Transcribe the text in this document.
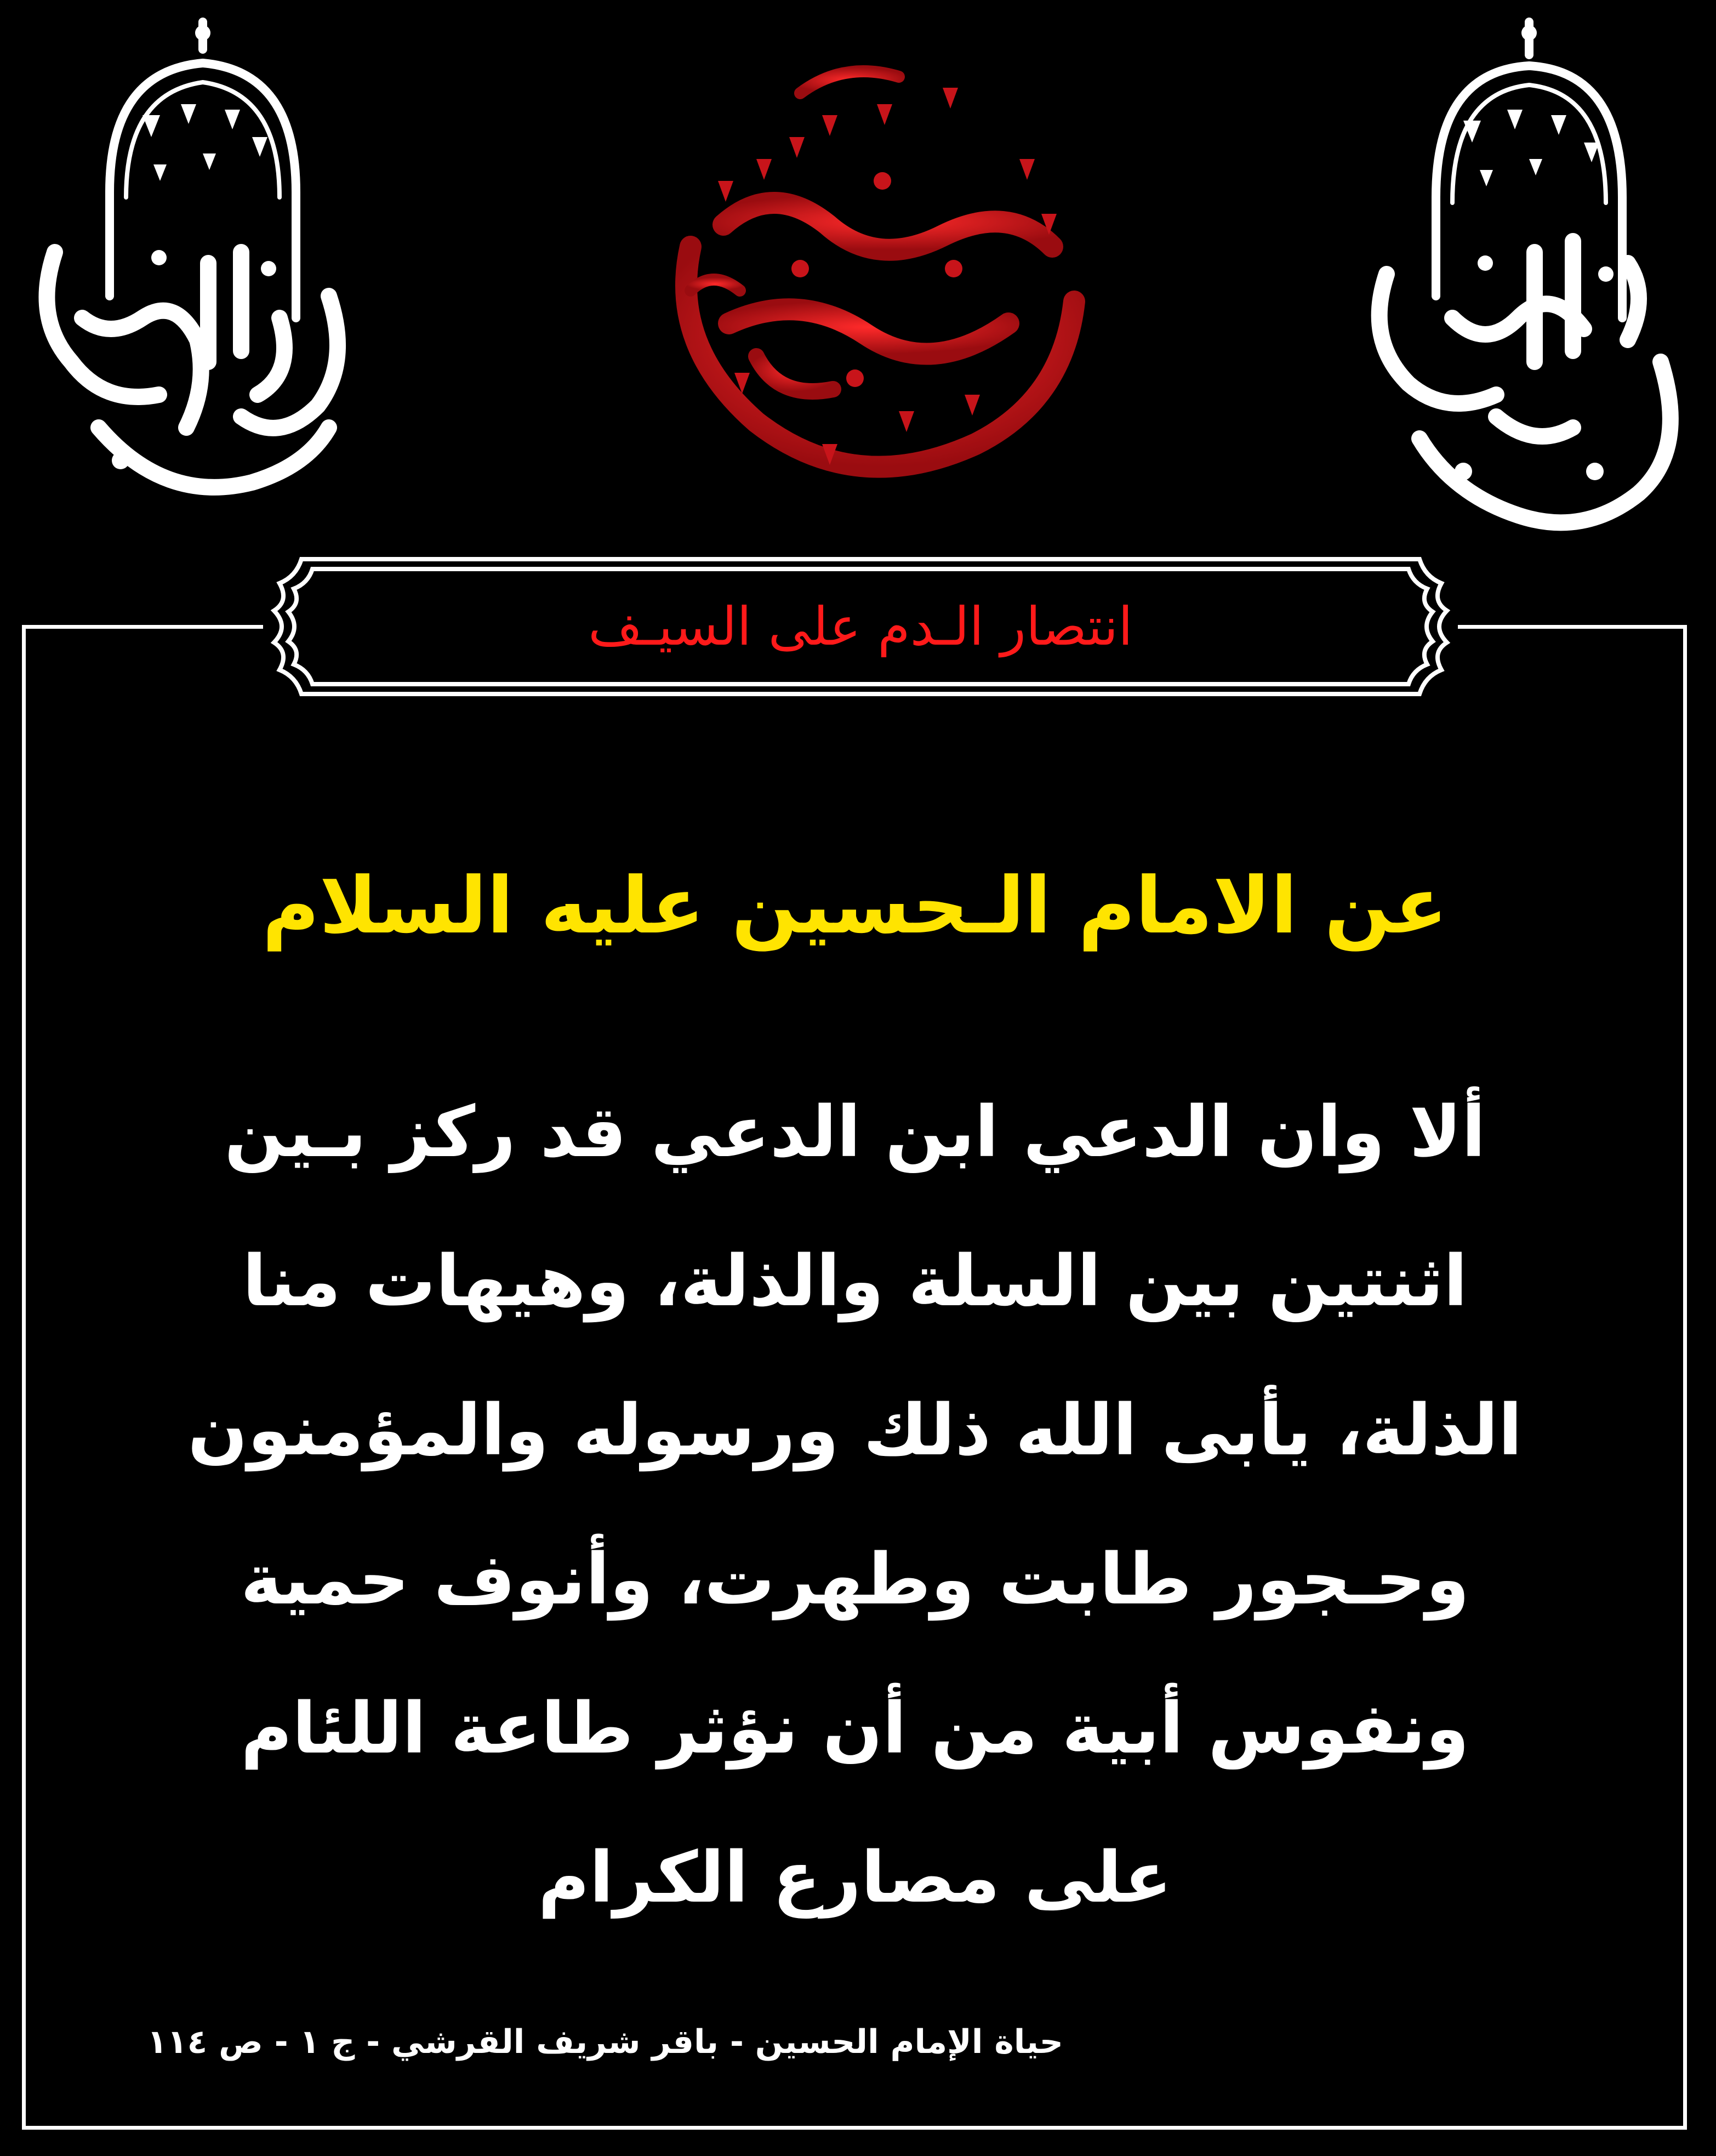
انتصار الـدم على السيـف
عن الامام الـحسين عليه السلام
ألا وان الدعي ابن الدعي قد ركز بـين
اثنتين بين السلة والذلة، وهيهات منا
الذلة، يأبى الله ذلك ورسوله والمؤمنون
وحـجور طابت وطهرت، وأنوف حمية
ونفوس أبية من أن نؤثر طاعة اللئام
على مصارع الكرام
حياة الإمام الحسين - باقر شريف القرشي - ج ١ - ص ١١٤
